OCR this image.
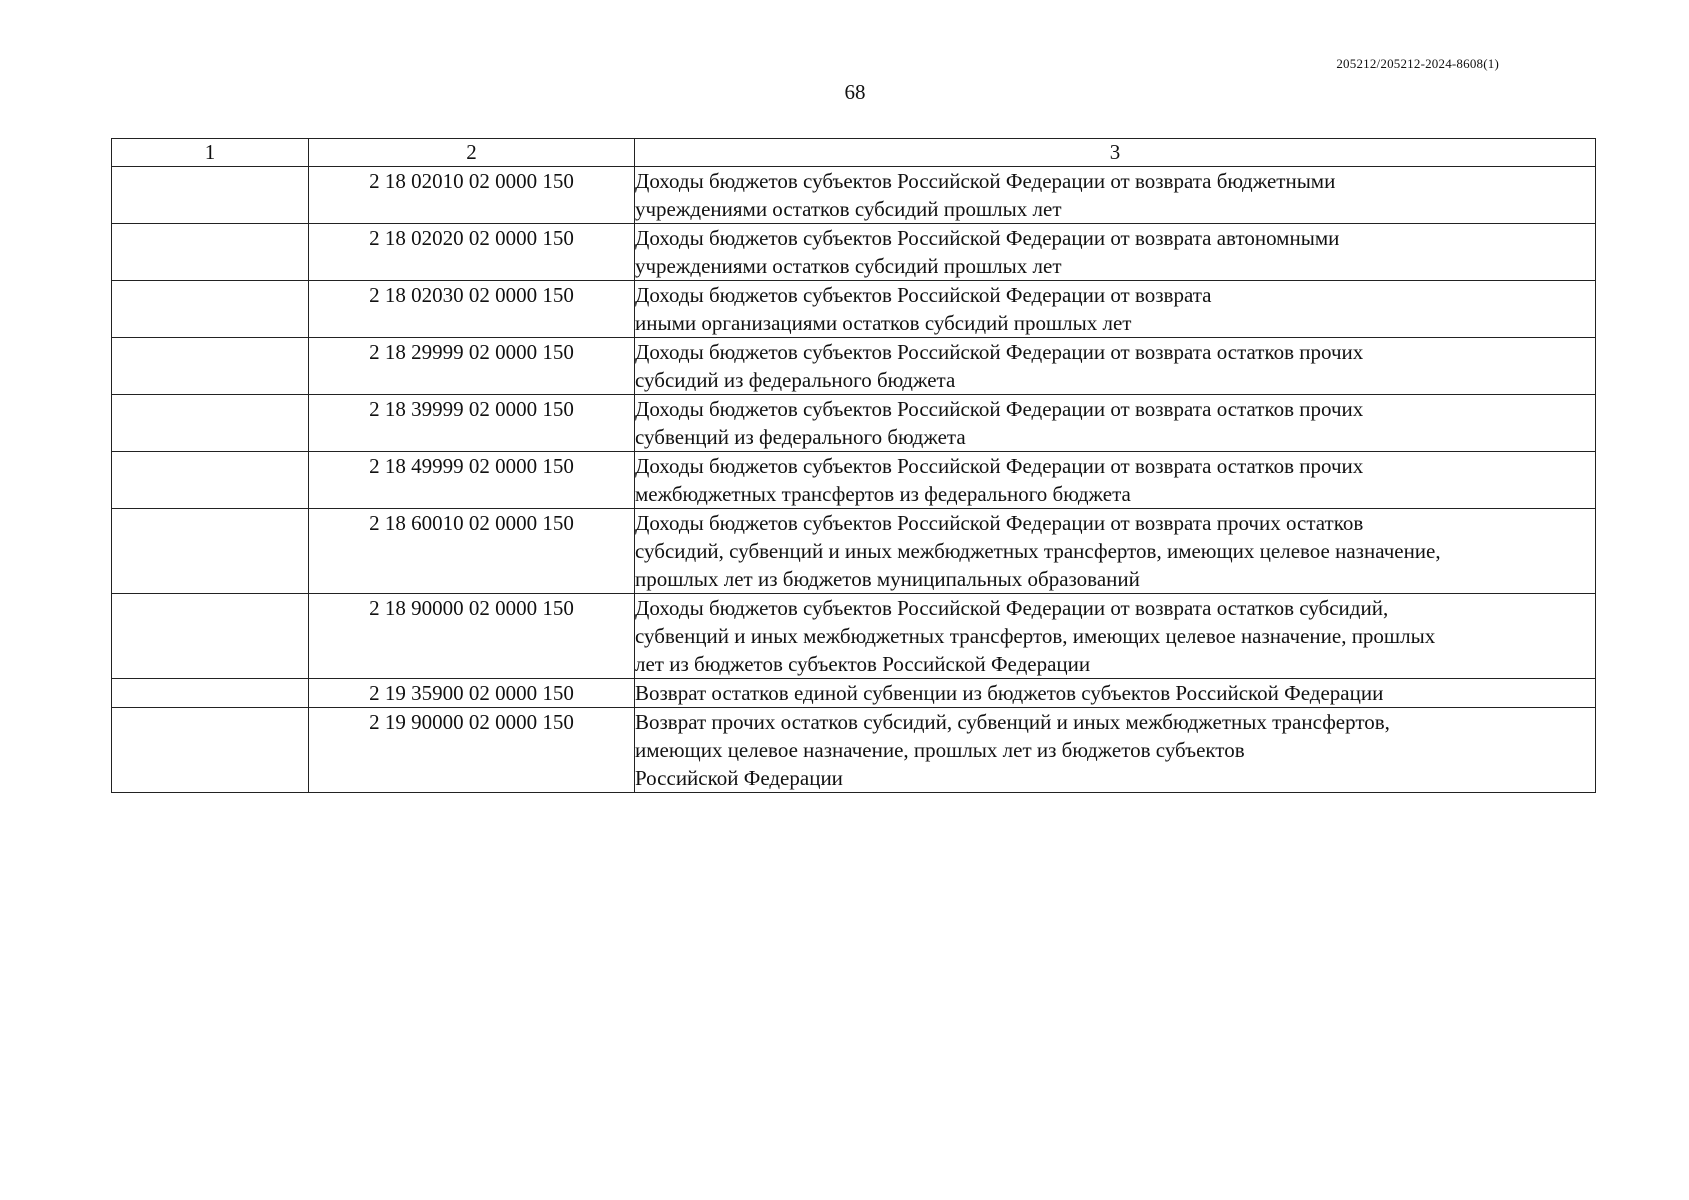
205212/205212-2024-8608(1)
68
1	2	3
	2 18 02010 02 0000 150	Доходы бюджетов субъектов Российской Федерации от возврата бюджетными
учреждениями остатков субсидий прошлых лет

	2 18 02020 02 0000 150	Доходы бюджетов субъектов Российской Федерации от возврата автономными
учреждениями остатков субсидий прошлых лет

	2 18 02030 02 0000 150	Доходы бюджетов субъектов Российской Федерации от возврата
иными организациями остатков субсидий прошлых лет

	2 18 29999 02 0000 150	Доходы бюджетов субъектов Российской Федерации от возврата остатков прочих
субсидий из федерального бюджета

	2 18 39999 02 0000 150	Доходы бюджетов субъектов Российской Федерации от возврата остатков прочих
субвенций из федерального бюджета

	2 18 49999 02 0000 150	Доходы бюджетов субъектов Российской Федерации от возврата остатков прочих
межбюджетных трансфертов из федерального бюджета

	2 18 60010 02 0000 150	Доходы бюджетов субъектов Российской Федерации от возврата прочих остатков
субсидий, субвенций и иных межбюджетных трансфертов, имеющих целевое назначение,
прошлых лет из бюджетов муниципальных образований

	2 18 90000 02 0000 150	Доходы бюджетов субъектов Российской Федерации от возврата остатков субсидий,
субвенций и иных межбюджетных трансфертов, имеющих целевое назначение, прошлых
лет из бюджетов субъектов Российской Федерации

	2 19 35900 02 0000 150	Возврат остатков единой субвенции из бюджетов субъектов Российской Федерации

	2 19 90000 02 0000 150	Возврат прочих остатков субсидий, субвенций и иных межбюджетных трансфертов,
имеющих целевое назначение, прошлых лет из бюджетов субъектов
Российской Федерации
